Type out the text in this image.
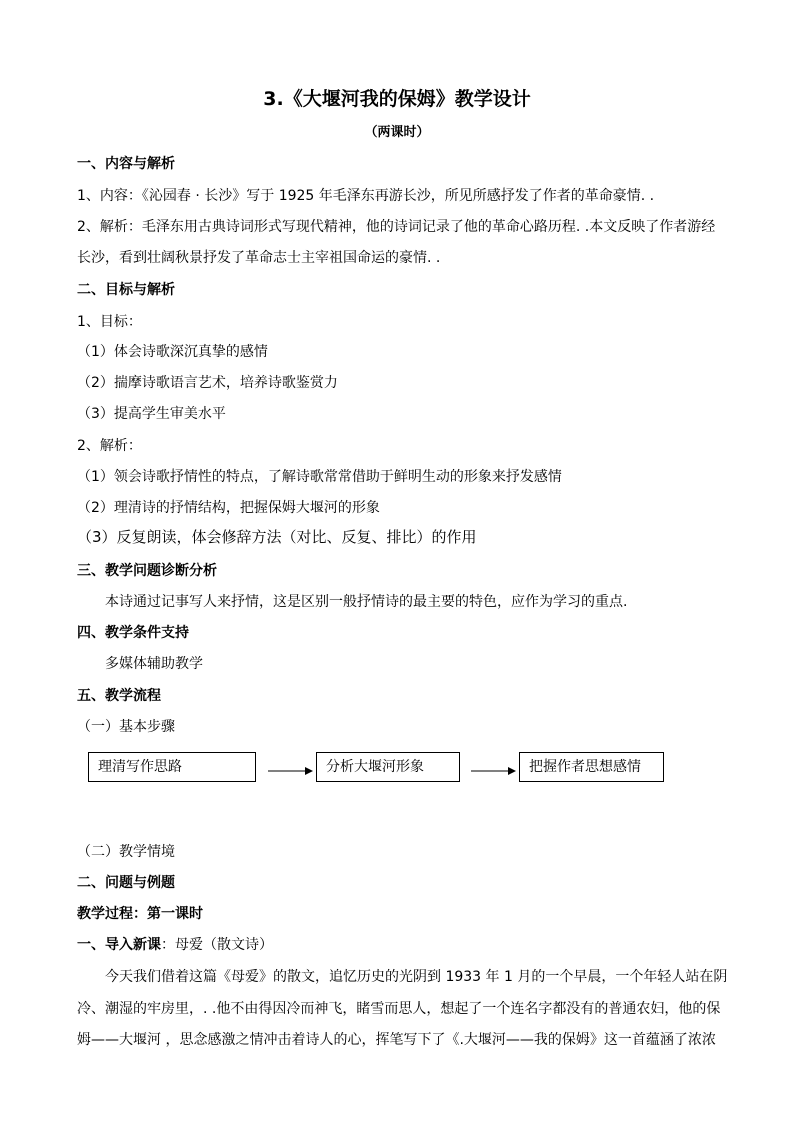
3.《大堰河我的保姆》教学设计
（两课时）
一、内容与解析
1、内容：《沁园春 · 长沙》写于 1925 年毛泽东再游长沙，所见所感抒发了作者的革命豪情. .
2、解析：毛泽东用古典诗词形式写现代精神，他的诗词记录了他的革命心路历程. .本文反映了作者游经
长沙，看到壮阔秋景抒发了革命志士主宰祖国命运的豪情. .
二、目标与解析
1、目标：
（1）体会诗歌深沉真挚的感情
（2）揣摩诗歌语言艺术，培养诗歌鉴赏力
（3）提高学生审美水平
2、解析：
（1）领会诗歌抒情性的特点，了解诗歌常常借助于鲜明生动的形象来抒发感情
（2）理清诗的抒情结构，把握保姆大堰河的形象
（3）反复朗读，体会修辞方法（对比、反复、排比）的作用
三、教学问题诊断分析
本诗通过记事写人来抒情，这是区别一般抒情诗的最主要的特色，应作为学习的重点.
四、教学条件支持
多媒体辅助教学
五、教学流程
（一）基本步骤
理清写作思路	分析大堰河形象	把握作者思想感情
（二）教学情境
二、问题与例题
教学过程：第一课时
一、导入新课：母爱（散文诗）
今天我们借着这篇《母爱》的散文，追忆历史的光阴到 1933 年 1 月的一个早晨，一个年轻人站在阴
冷、潮湿的牢房里，. .他不由得因冷而神飞，睹雪而思人，想起了一个连名字都没有的普通农妇，他的保
姆——大堰河 ，思念感激之情冲击着诗人的心，挥笔写下了《.大堰河——我的保姆》这一首蕴涵了浓浓
